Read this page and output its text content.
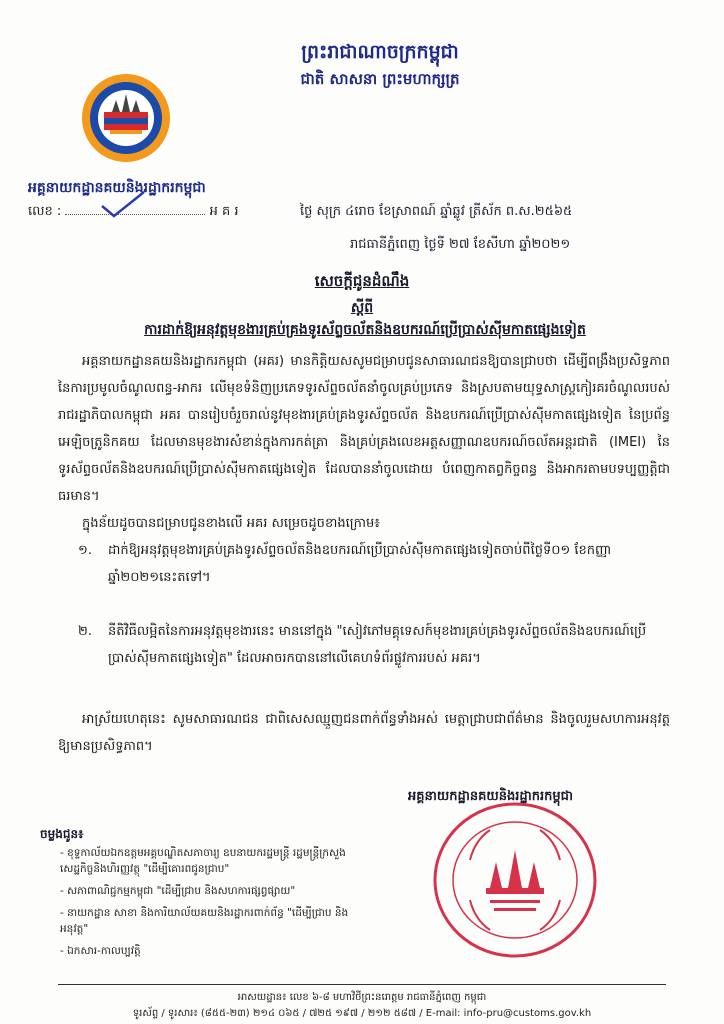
ព្រះរាជាណាចក្រកម្ពុជា
ជាតិ សាសនា ព្រះមហាក្សត្រ
អគ្គនាយកដ្ឋានគយនិងរដ្ឋាករកម្ពុជា
លេខ :	អ គ រ	ថ្ងៃ សុក្រ ៤រោច ខែស្រាពណ៍ ឆ្នាំឆ្លូវ ត្រីស័ក ព.ស.២៥៦៥
រាជធានីភ្នំពេញ ថ្ងៃទី ២៧ ខែសីហា ឆ្នាំ២០២១
សេចក្តីជូនដំណឹង
ស្តីពី
ការដាក់ឱ្យអនុវត្តមុខងារគ្រប់គ្រងទូរស័ព្ទចល័តនិងឧបករណ៍ប្រើប្រាស់ស៊ីមកាតផ្សេងទៀត
អគ្គនាយកដ្ឋានគយនិងរដ្ឋាករកម្ពុជា (អគរ) មានកិត្តិយសសូមជម្រាបជូនសាធារណជនឱ្យបានជ្រាបថា ដើម្បីពង្រឹងប្រសិទ្ធភាពនៃការប្រមូលចំណូលពន្ធ-អាករ លើមុខទំនិញប្រភេទទូរស័ព្ទចល័តនាំចូលគ្រប់ប្រភេទ និងស្របតាមយុទ្ធសាស្ត្រកៀរគរចំណូលរបស់រាជរដ្ឋាភិបាលកម្ពុជា អគរ បានរៀបចំរួចរាល់នូវមុខងារគ្រប់គ្រងទូរស័ព្ទចល័ត និងឧបករណ៍ប្រើប្រាស់ស៊ីមកាតផ្សេងទៀត នៃប្រព័ន្ធអេឡិចត្រូនិកគយ ដែលមានមុខងារសំខាន់ក្នុងការកត់ត្រា និងគ្រប់គ្រងលេខអត្តសញ្ញាណឧបករណ៍ចល័តអន្តរជាតិ (IMEI) នៃទូរស័ព្ទចល័តនិងឧបករណ៍ប្រើប្រាស់ស៊ីមកាតផ្សេងទៀត ដែលបាននាំចូលដោយ បំពេញកាតព្វកិច្ចពន្ធ និងអាករតាមបទប្បញ្ញត្តិជាធរមាន។
ក្នុងន័យដូចបានជម្រាបជូនខាងលើ អគរ សម្រេចដូចខាងក្រោម៖
១. ដាក់ឱ្យអនុវត្តមុខងារគ្រប់គ្រងទូរស័ព្ទចល័តនិងឧបករណ៍ប្រើប្រាស់ស៊ីមកាតផ្សេងទៀតចាប់ពីថ្ងៃទី០១ ខែកញ្ញា ឆ្នាំ២០២១នេះតទៅ។
២. នីតិវិធីលម្អិតនៃការអនុវត្តមុខងារនេះ មាននៅក្នុង "សៀវភៅមគ្គុទេសក៍មុខងារគ្រប់គ្រងទូរស័ព្ទចល័តនិងឧបករណ៍ប្រើប្រាស់ស៊ីមកាតផ្សេងទៀត" ដែលអាចរកបាននៅលើគេហទំព័រផ្លូវការរបស់ អគរ។
អាស្រ័យហេតុនេះ សូមសាធារណជន ជាពិសេសឈ្មួញជនពាក់ព័ន្ធទាំងអស់ មេត្តាជ្រាបជាព័ត៌មាន និងចូលរួមសហការអនុវត្តឱ្យមានប្រសិទ្ធភាព។
អគ្គនាយកដ្ឋានគយនិងរដ្ឋាករកម្ពុជា
ចម្លងជូន៖
- ខុទ្ទកាល័យឯកឧត្តមអគ្គបណ្ឌិតសភាចារ្យ ឧបនាយករដ្ឋមន្ត្រី រដ្ឋមន្ត្រីក្រសួងសេដ្ឋកិច្ចនិងហិរញ្ញវត្ថុ "ដើម្បីគោរពជូនជ្រាប"
- សភាពាណិជ្ជកម្មកម្ពុជា "ដើម្បីជ្រាប និងសហការផ្សព្វផ្សាយ"
- នាយកដ្ឋាន សាខា និងការិយាល័យគយនិងរដ្ឋាករពាក់ព័ន្ធ "ដើម្បីជ្រាប និងអនុវត្ត"
- ឯកសារ-កាលប្បវត្តិ
អាសយដ្ឋាន៖ លេខ ៦-៨ មហាវិថីព្រះនរោត្តម រាជធានីភ្នំពេញ កម្ពុជា
ទូរស័ព្ទ / ទូរសារ៖ (៨៥៥-២៣) ២១៤ ០៦៥ / ៧២៥ ១៩៧ / ២១២ ៥៨៧ / E-mail: info-pru@customs.gov.kh
